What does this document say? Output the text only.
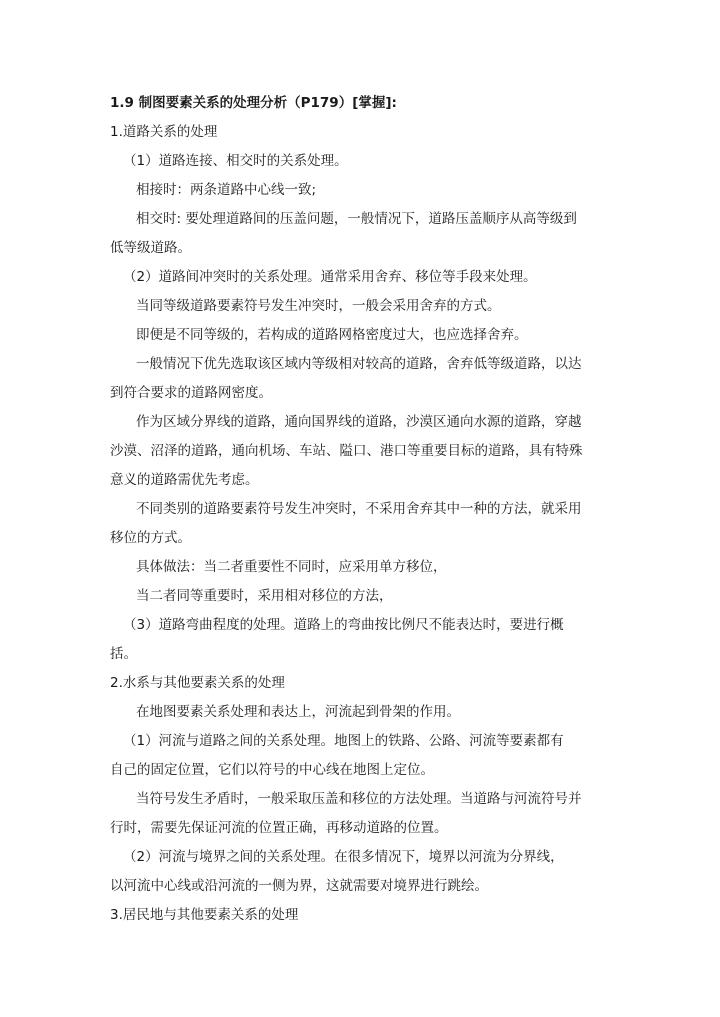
1.9 制图要素关系的处理分析（P179）[掌握]:
1.道路关系的处理
（1）道路连接、相交时的关系处理。
相接时：两条道路中心线一致;
相交时: 要处理道路间的压盖问题，一般情况下，道路压盖顺序从高等级到
低等级道路。
（2）道路间冲突时的关系处理。通常采用舍弃、移位等手段来处理。
当同等级道路要素符号发生冲突时，一般会采用舍弃的方式。
即便是不同等级的，若构成的道路网格密度过大，也应选择舍弃。
一般情况下优先选取该区域内等级相对较高的道路，舍弃低等级道路，以达
到符合要求的道路网密度。
作为区域分界线的道路，通向国界线的道路，沙漠区通向水源的道路，穿越
沙漠、沼泽的道路，通向机场、车站、隘口、港口等重要目标的道路，具有特殊
意义的道路需优先考虑。
不同类别的道路要素符号发生冲突时，不采用舍弃其中一种的方法，就采用
移位的方式。
具体做法：当二者重要性不同时，应采用单方移位，
当二者同等重要时，采用相对移位的方法，
（3）道路弯曲程度的处理。道路上的弯曲按比例尺不能表达时，要进行概
括。
2.水系与其他要素关系的处理
在地图要素关系处理和表达上，河流起到骨架的作用。
（1）河流与道路之间的关系处理。地图上的铁路、公路、河流等要素都有
自己的固定位置，它们以符号的中心线在地图上定位。
当符号发生矛盾时，一般采取压盖和移位的方法处理。当道路与河流符号并
行时，需要先保证河流的位置正确，再移动道路的位置。
（2）河流与境界之间的关系处理。在很多情况下，境界以河流为分界线，
以河流中心线或沿河流的一侧为界，这就需要对境界进行跳绘。
3.居民地与其他要素关系的处理
